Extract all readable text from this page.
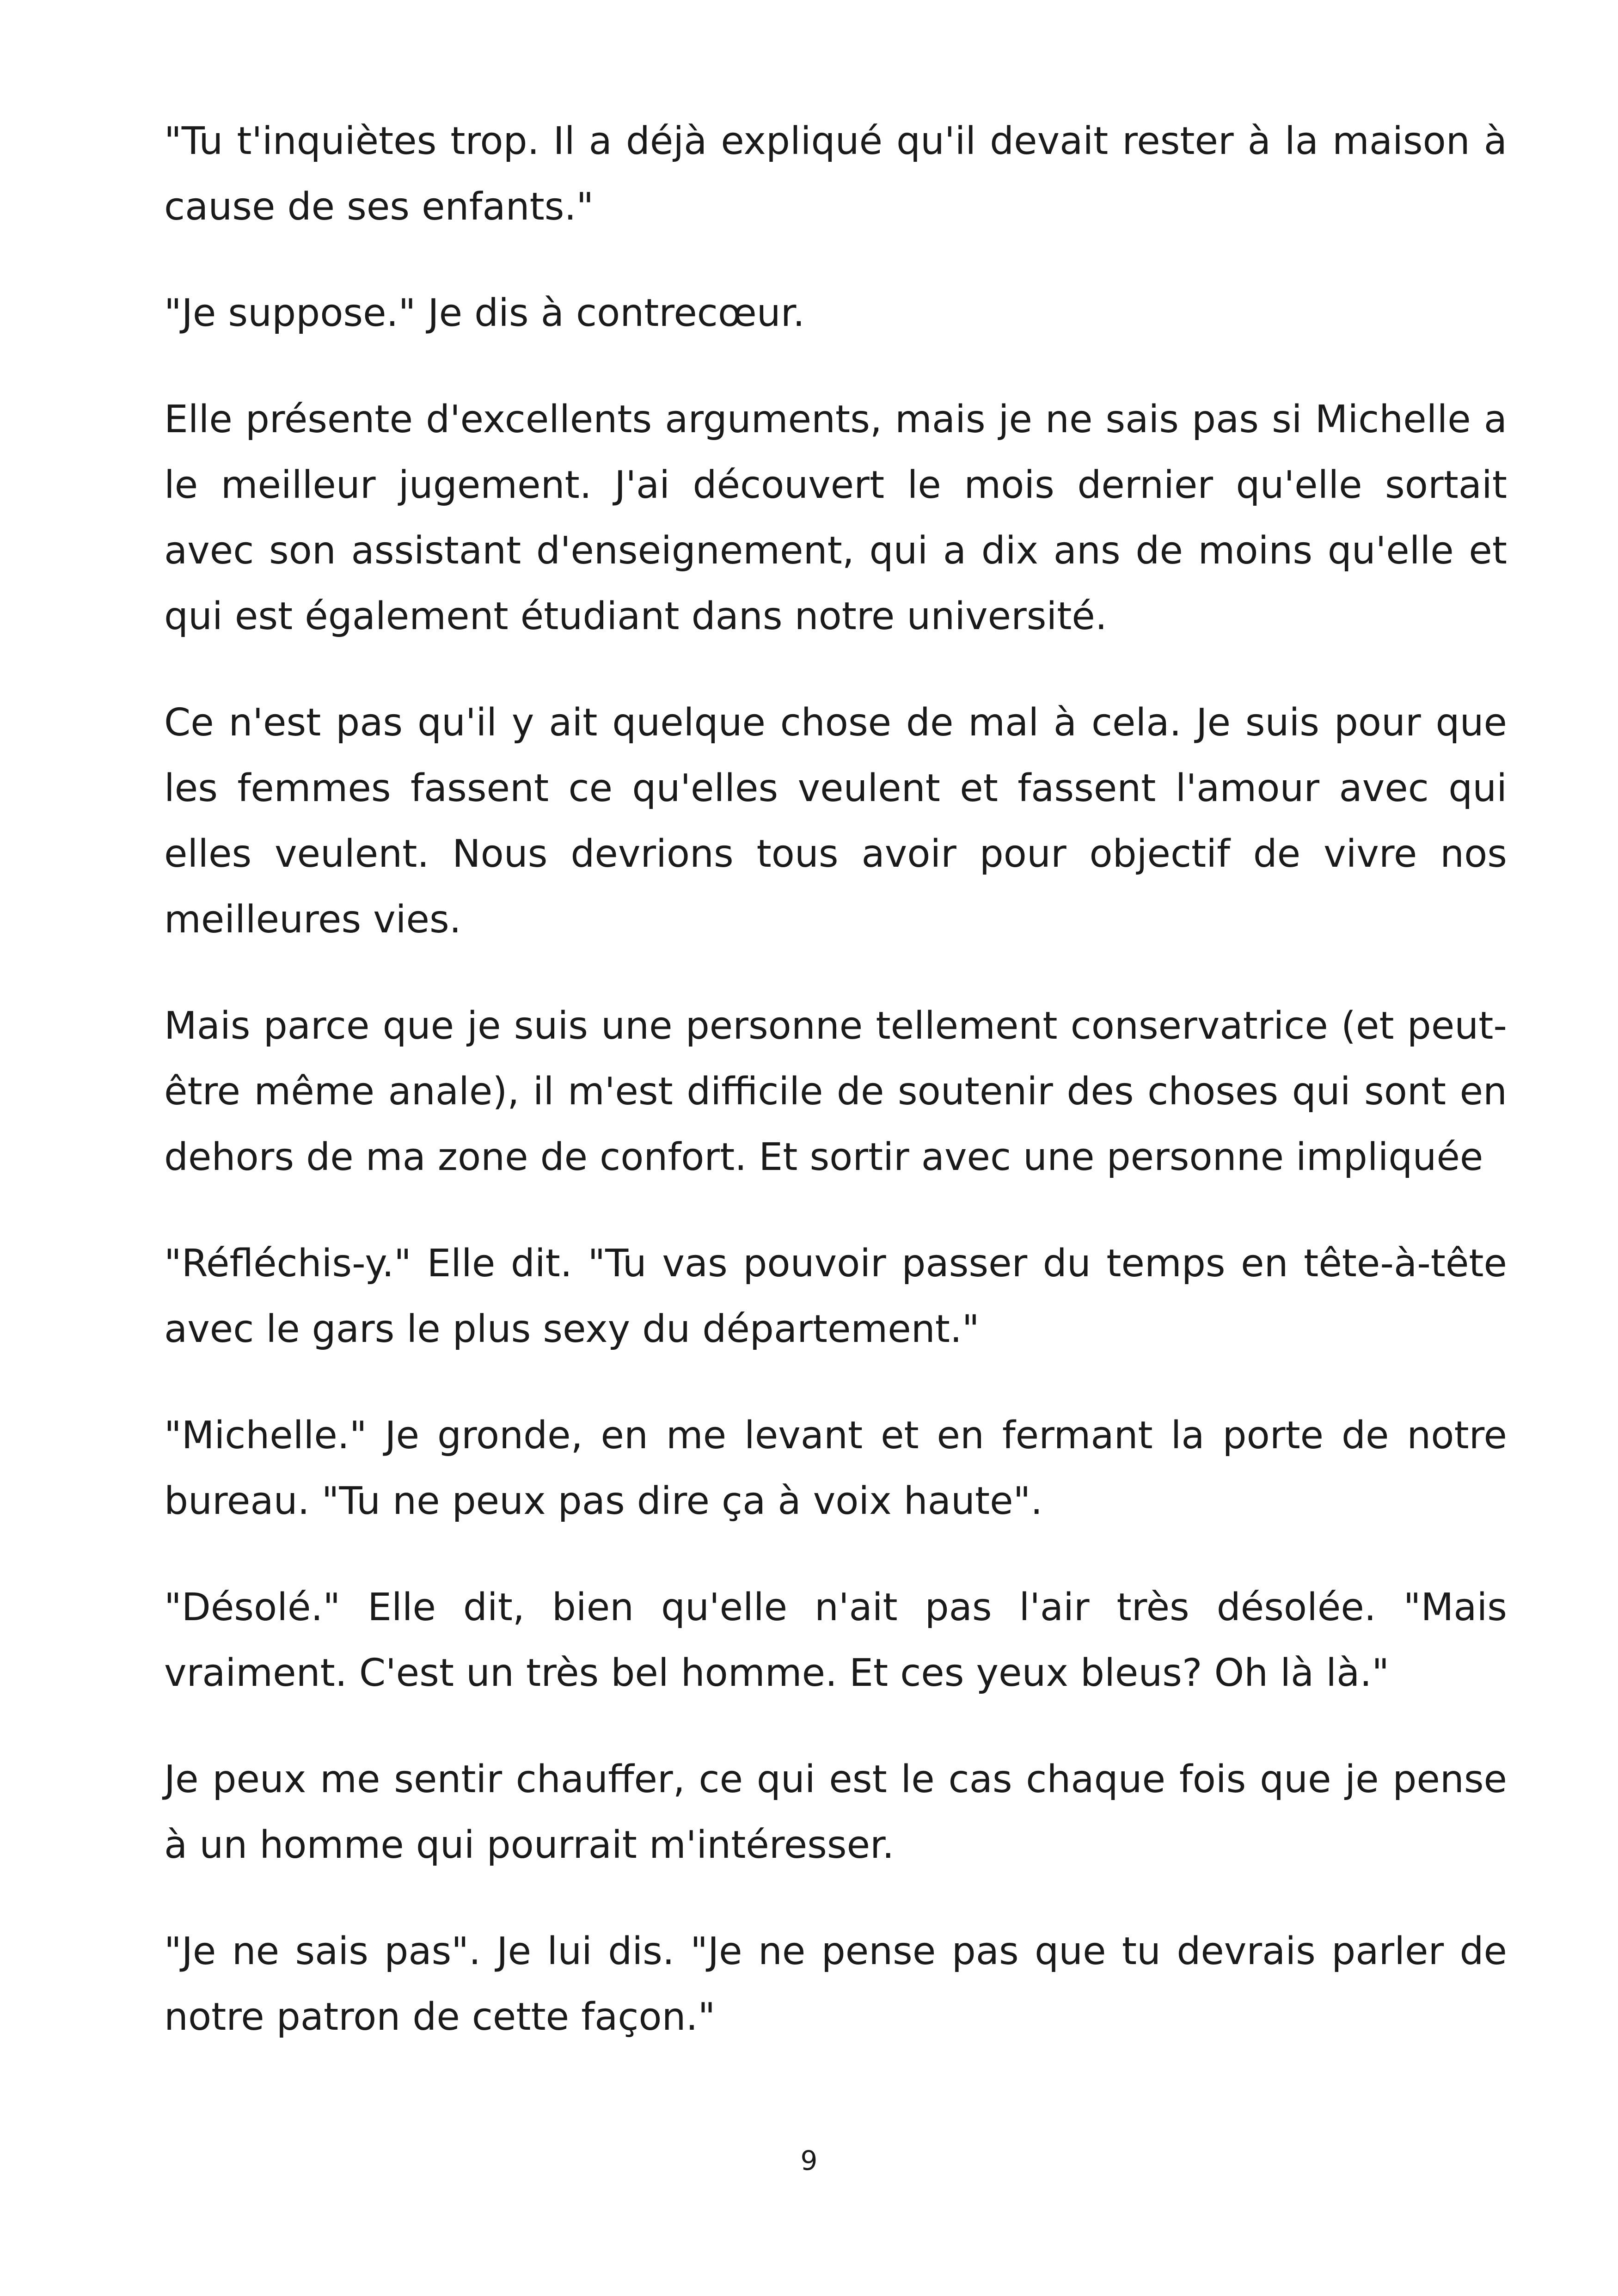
"Tu t'inquiètes trop. Il a déjà expliqué qu'il devait rester à la maison à cause de ses enfants."

"Je suppose." Je dis à contrecœur.

Elle présente d'excellents arguments, mais je ne sais pas si Michelle a le meilleur jugement. J'ai découvert le mois dernier qu'elle sortait avec son assistant d'enseignement, qui a dix ans de moins qu'elle et qui est également étudiant dans notre université.

Ce n'est pas qu'il y ait quelque chose de mal à cela. Je suis pour que les femmes fassent ce qu'elles veulent et fassent l'amour avec qui elles veulent. Nous devrions tous avoir pour objectif de vivre nos meilleures vies.

Mais parce que je suis une personne tellement conservatrice (et peut-être même anale), il m'est difficile de soutenir des choses qui sont en dehors de ma zone de confort. Et sortir avec une personne impliquée

"Réfléchis-y." Elle dit. "Tu vas pouvoir passer du temps en tête-à-tête avec le gars le plus sexy du département."

"Michelle." Je gronde, en me levant et en fermant la porte de notre bureau. "Tu ne peux pas dire ça à voix haute".

"Désolé." Elle dit, bien qu'elle n'ait pas l'air très désolée. "Mais vraiment. C'est un très bel homme. Et ces yeux bleus? Oh là là."

Je peux me sentir chauffer, ce qui est le cas chaque fois que je pense à un homme qui pourrait m'intéresser.

"Je ne sais pas". Je lui dis. "Je ne pense pas que tu devrais parler de notre patron de cette façon."

9
